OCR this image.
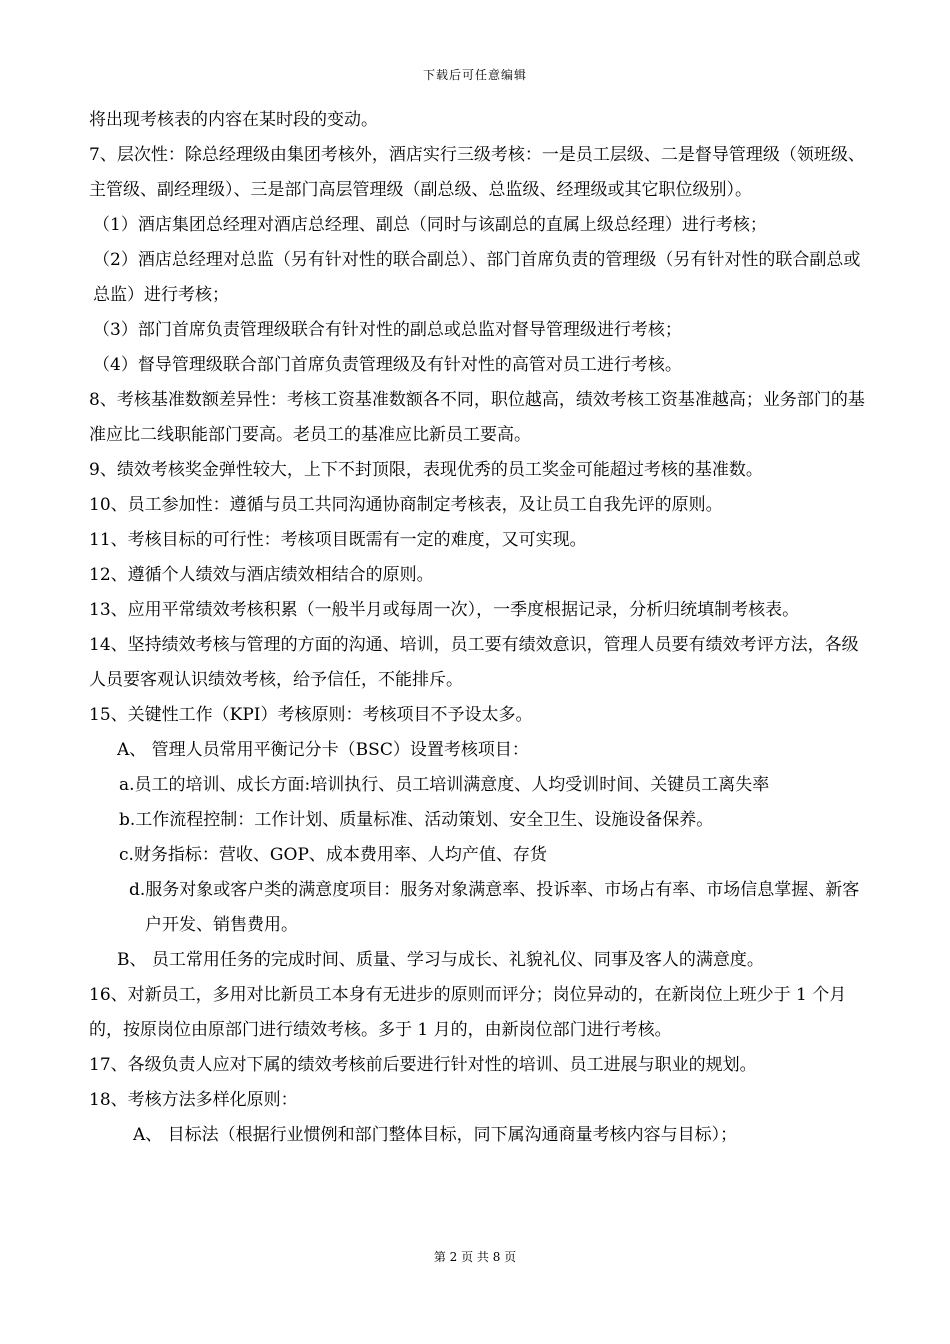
下载后可任意编辑

将出现考核表的内容在某时段的变动。

7、层次性：除总经理级由集团考核外，酒店实行三级考核：一是员工层级、二是督导管理级（领班级、主管级、副经理级）、三是部门高层管理级（副总级、总监级、经理级或其它职位级别）。

（1）酒店集团总经理对酒店总经理、副总（同时与该副总的直属上级总经理）进行考核；

（2）酒店总经理对总监（另有针对性的联合副总）、部门首席负责的管理级（另有针对性的联合副总或总监）进行考核；

（3）部门首席负责管理级联合有针对性的副总或总监对督导管理级进行考核；

（4）督导管理级联合部门首席负责管理级及有针对性的高管对员工进行考核。

8、考核基准数额差异性：考核工资基准数额各不同，职位越高，绩效考核工资基准越高；业务部门的基准应比二线职能部门要高。老员工的基准应比新员工要高。

9、绩效考核奖金弹性较大，上下不封顶限，表现优秀的员工奖金可能超过考核的基准数。

10、员工参加性：遵循与员工共同沟通协商制定考核表，及让员工自我先评的原则。

11、考核目标的可行性：考核项目既需有一定的难度，又可实现。

12、遵循个人绩效与酒店绩效相结合的原则。

13、应用平常绩效考核积累（一般半月或每周一次），一季度根据记录，分析归统填制考核表。

14、坚持绩效考核与管理的方面的沟通、培训，员工要有绩效意识，管理人员要有绩效考评方法，各级人员要客观认识绩效考核，给予信任，不能排斥。

15、关键性工作（KPI）考核原则：考核项目不予设太多。

A、 管理人员常用平衡记分卡（BSC）设置考核项目：

a.员工的培训、成长方面:培训执行、员工培训满意度、人均受训时间、关键员工离失率

b.工作流程控制：工作计划、质量标准、活动策划、安全卫生、设施设备保养。

c.财务指标：营收、GOP、成本费用率、人均产值、存货

d.服务对象或客户类的满意度项目：服务对象满意率、投诉率、市场占有率、市场信息掌握、新客户开发、销售费用。

B、 员工常用任务的完成时间、质量、学习与成长、礼貌礼仪、同事及客人的满意度。

16、对新员工，多用对比新员工本身有无进步的原则而评分；岗位异动的，在新岗位上班少于 1 个月的，按原岗位由原部门进行绩效考核。多于 1 月的，由新岗位部门进行考核。

17、各级负责人应对下属的绩效考核前后要进行针对性的培训、员工进展与职业的规划。

18、考核方法多样化原则：

A、 目标法（根据行业惯例和部门整体目标，同下属沟通商量考核内容与目标）；

第 2 页 共 8 页
